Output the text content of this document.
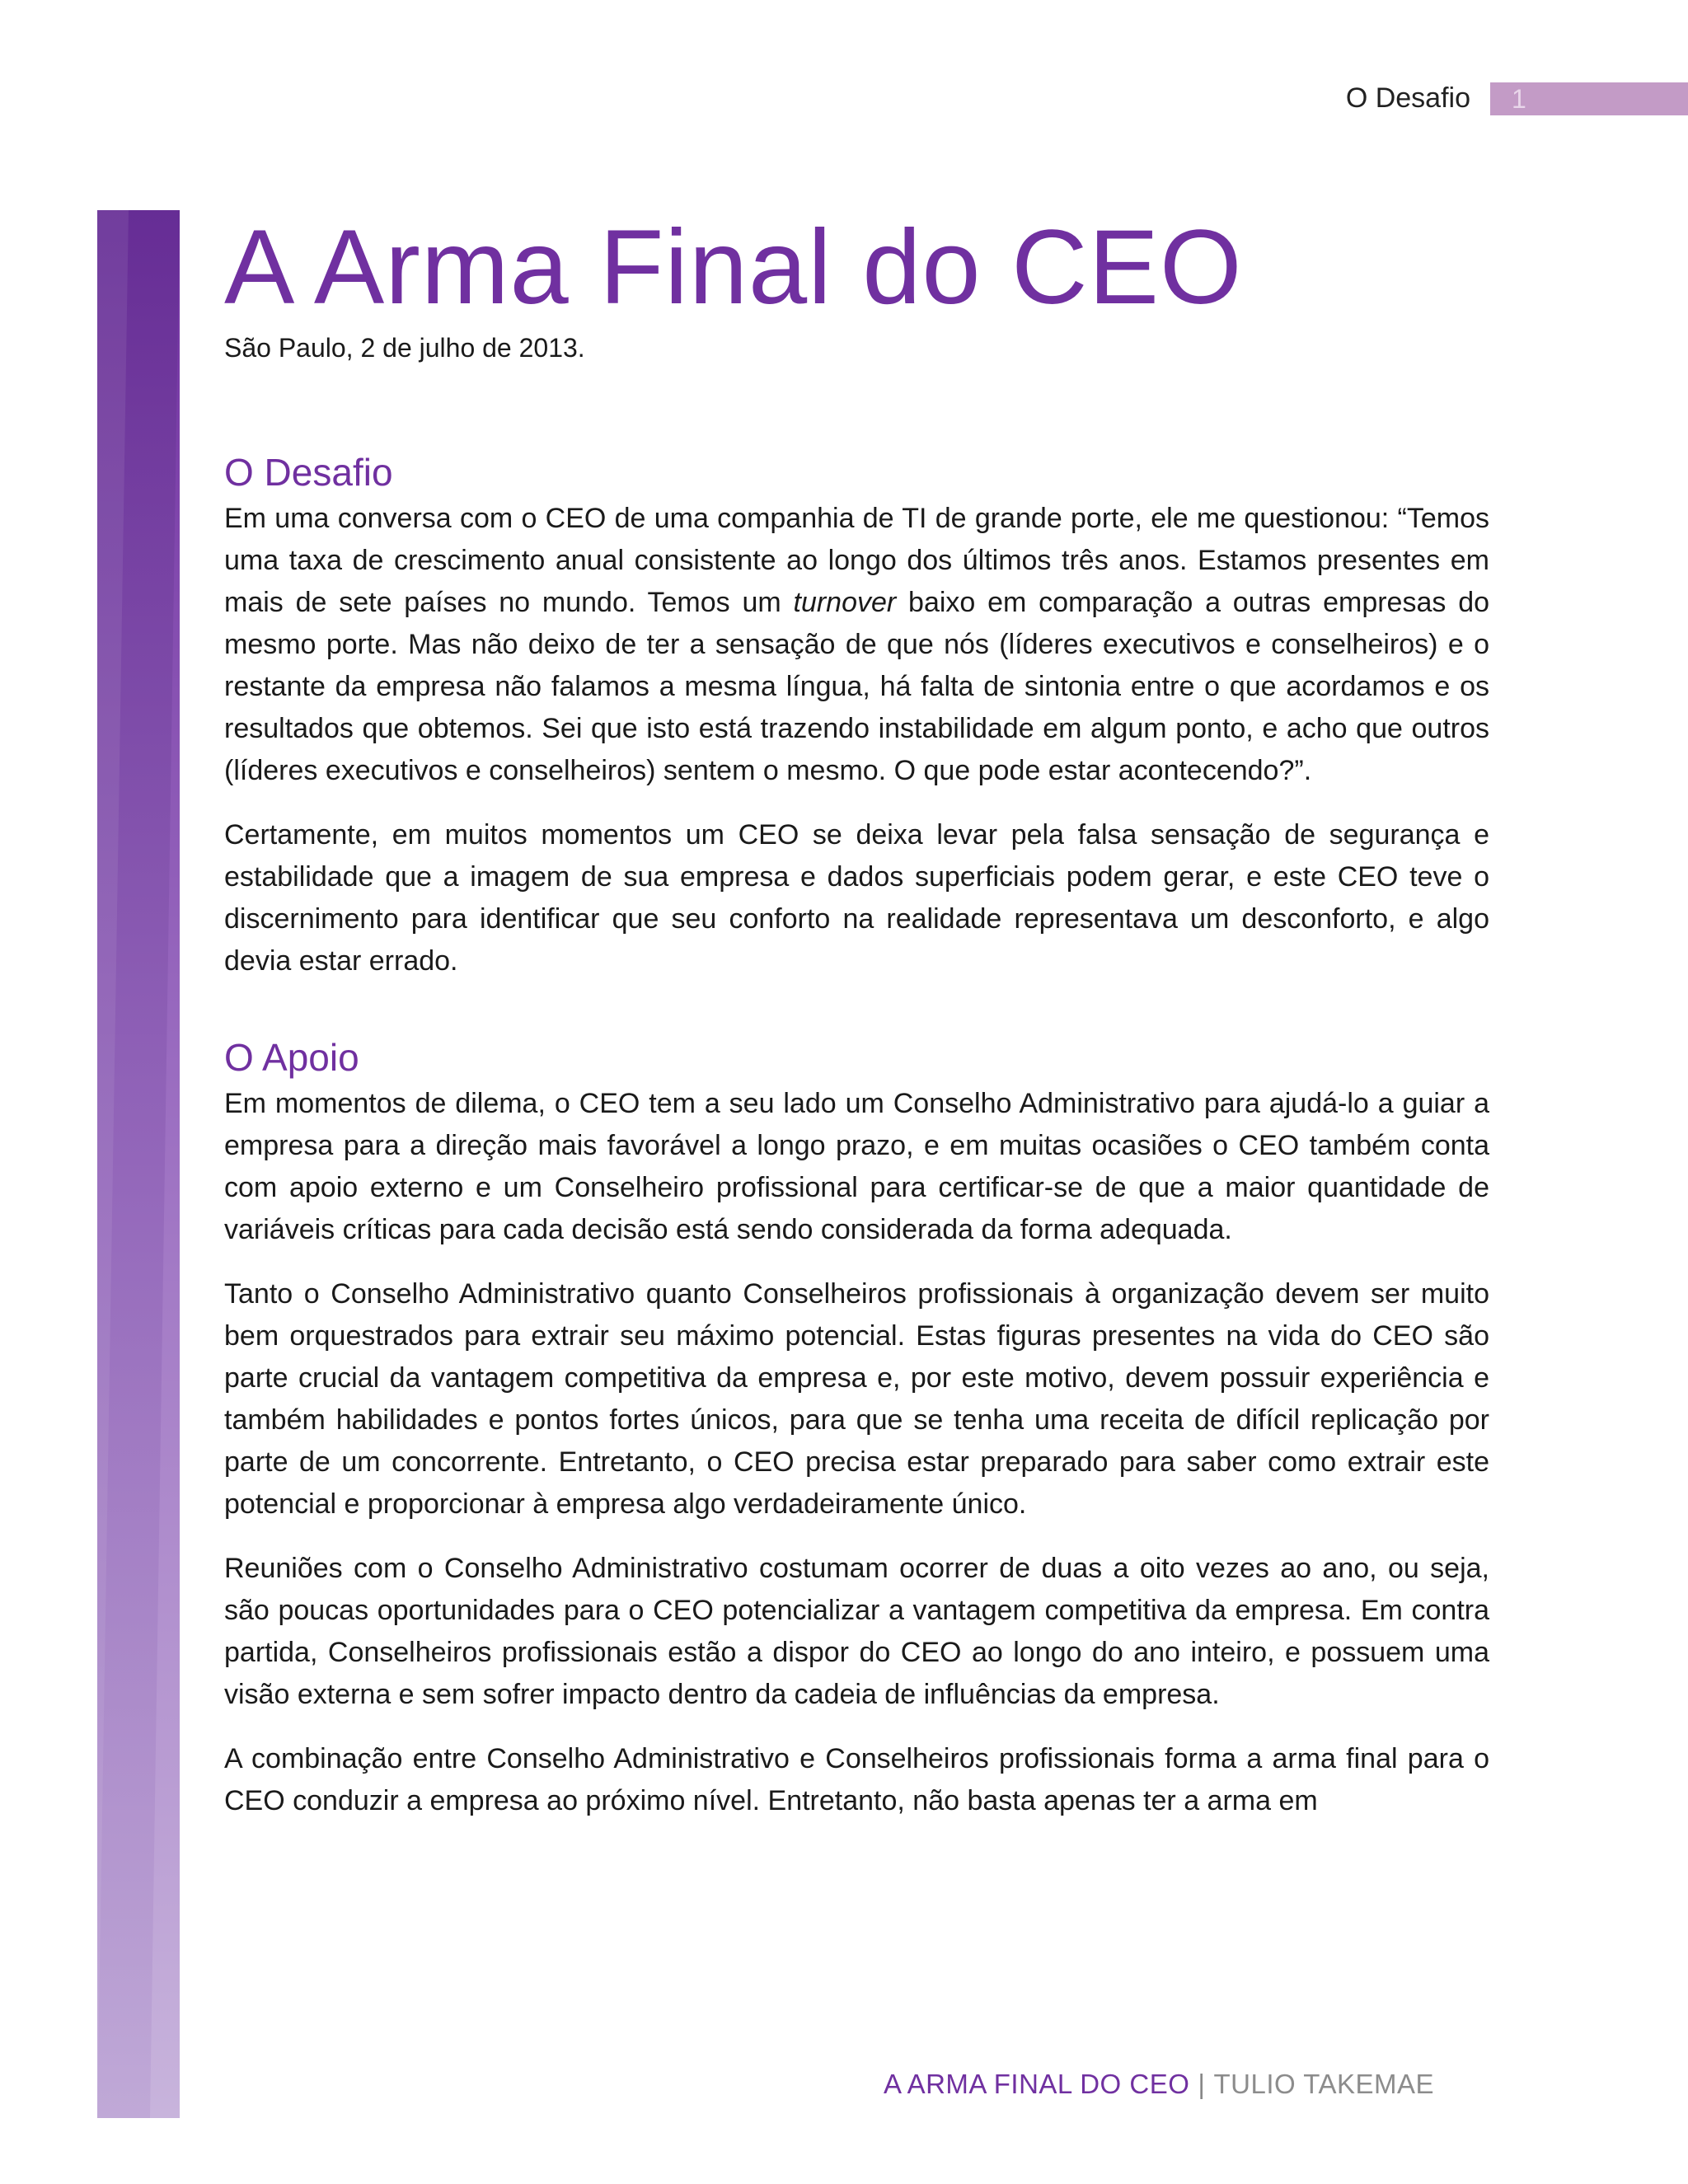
O Desafio 1
A Arma Final do CEO

São Paulo, 2 de julho de 2013.

O Desafio

Em uma conversa com o CEO de uma companhia de TI de grande porte, ele me questionou: “Temos uma taxa de crescimento anual consistente ao longo dos últimos três anos. Estamos presentes em mais de sete países no mundo. Temos um turnover baixo em comparação a outras empresas do mesmo porte. Mas não deixo de ter a sensação de que nós (líderes executivos e conselheiros) e o restante da empresa não falamos a mesma língua, há falta de sintonia entre o que acordamos e os resultados que obtemos. Sei que isto está trazendo instabilidade em algum ponto, e acho que outros (líderes executivos e conselheiros) sentem o mesmo. O que pode estar acontecendo?”.

Certamente, em muitos momentos um CEO se deixa levar pela falsa sensação de segurança e estabilidade que a imagem de sua empresa e dados superficiais podem gerar, e este CEO teve o discernimento para identificar que seu conforto na realidade representava um desconforto, e algo devia estar errado.

O Apoio

Em momentos de dilema, o CEO tem a seu lado um Conselho Administrativo para ajudá-lo a guiar a empresa para a direção mais favorável a longo prazo, e em muitas ocasiões o CEO também conta com apoio externo e um Conselheiro profissional para certificar-se de que a maior quantidade de variáveis críticas para cada decisão está sendo considerada da forma adequada.

Tanto o Conselho Administrativo quanto Conselheiros profissionais à organização devem ser muito bem orquestrados para extrair seu máximo potencial. Estas figuras presentes na vida do CEO são parte crucial da vantagem competitiva da empresa e, por este motivo, devem possuir experiência e também habilidades e pontos fortes únicos, para que se tenha uma receita de difícil replicação por parte de um concorrente. Entretanto, o CEO precisa estar preparado para saber como extrair este potencial e proporcionar à empresa algo verdadeiramente único.

Reuniões com o Conselho Administrativo costumam ocorrer de duas a oito vezes ao ano, ou seja, são poucas oportunidades para o CEO potencializar a vantagem competitiva da empresa. Em contra partida, Conselheiros profissionais estão a dispor do CEO ao longo do ano inteiro, e possuem uma visão externa e sem sofrer impacto dentro da cadeia de influências da empresa.

A combinação entre Conselho Administrativo e Conselheiros profissionais forma a arma final para o CEO conduzir a empresa ao próximo nível. Entretanto, não basta apenas ter a arma em

A ARMA FINAL DO CEO | TULIO TAKEMAE
